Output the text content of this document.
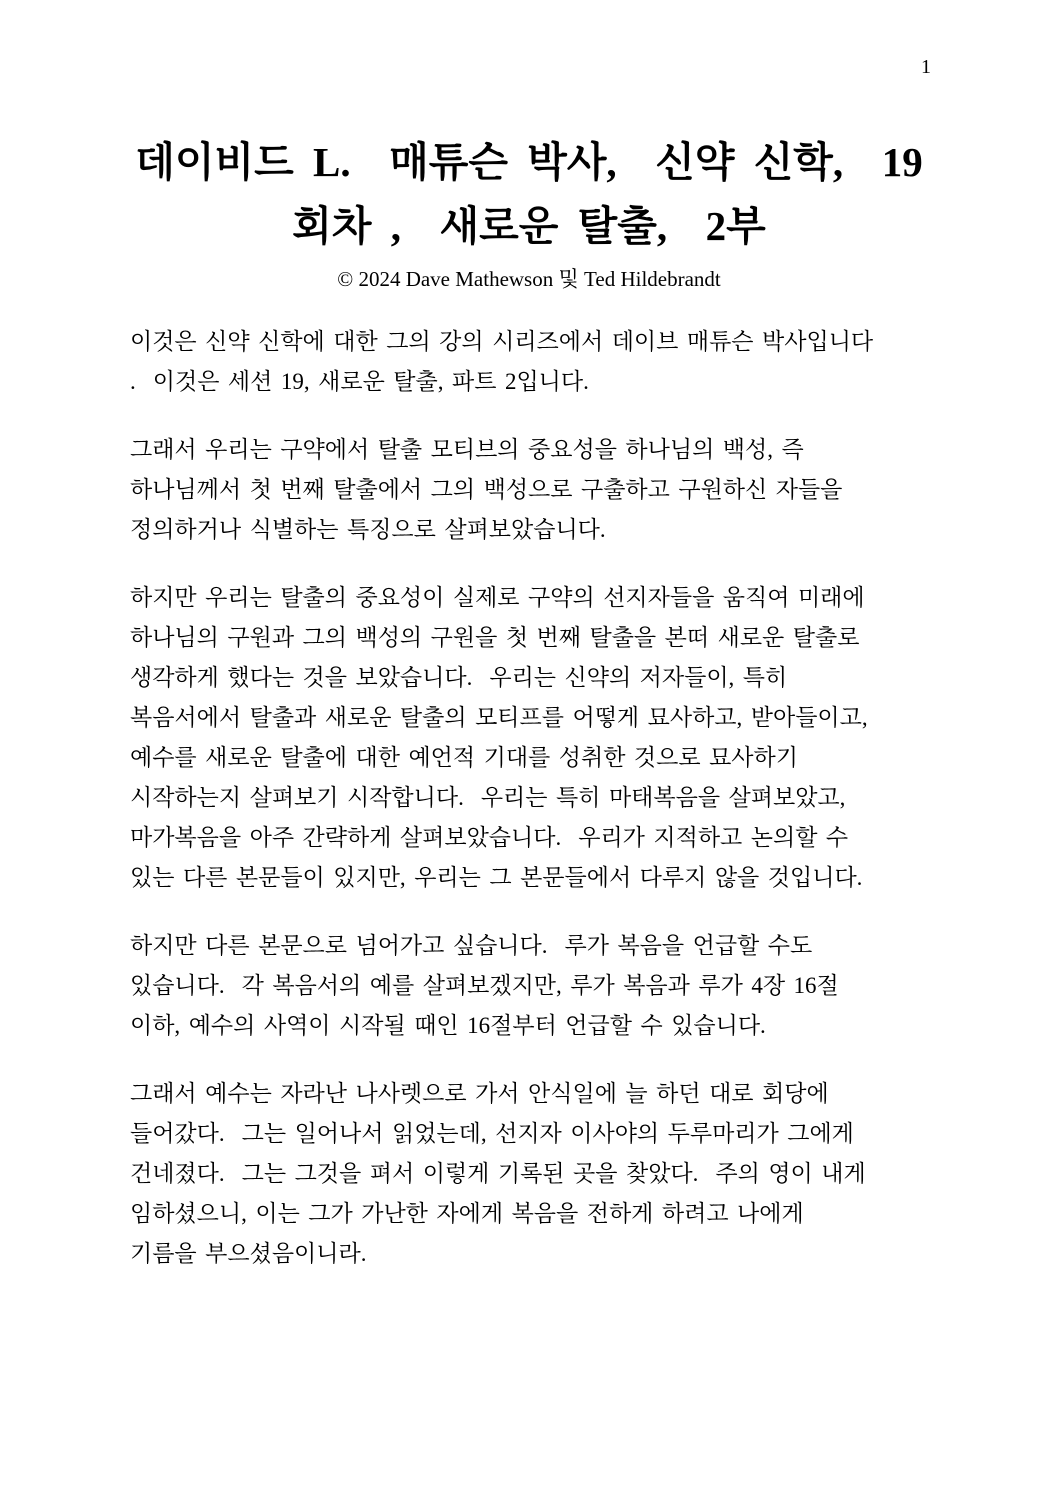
1
데이비드 L.  매튜슨 박사,  신약 신학,  19
회차 ,  새로운 탈출,  2부
© 2024 Dave Mathewson 및 Ted Hildebrandt

이것은 신약 신학에 대한 그의 강의 시리즈에서 데이브 매튜슨 박사입니다
.  이것은 세션 19, 새로운 탈출, 파트 2입니다.

그래서 우리는 구약에서 탈출 모티브의 중요성을 하나님의 백성, 즉
하나님께서 첫 번째 탈출에서 그의 백성으로 구출하고 구원하신 자들을
정의하거나 식별하는 특징으로 살펴보았습니다.

하지만 우리는 탈출의 중요성이 실제로 구약의 선지자들을 움직여 미래에
하나님의 구원과 그의 백성의 구원을 첫 번째 탈출을 본떠 새로운 탈출로
생각하게 했다는 것을 보았습니다.  우리는 신약의 저자들이, 특히
복음서에서 탈출과 새로운 탈출의 모티프를 어떻게 묘사하고, 받아들이고,
예수를 새로운 탈출에 대한 예언적 기대를 성취한 것으로 묘사하기
시작하는지 살펴보기 시작합니다.  우리는 특히 마태복음을 살펴보았고,
마가복음을 아주 간략하게 살펴보았습니다.  우리가 지적하고 논의할 수
있는 다른 본문들이 있지만, 우리는 그 본문들에서 다루지 않을 것입니다.

하지만 다른 본문으로 넘어가고 싶습니다.  루가 복음을 언급할 수도
있습니다.  각 복음서의 예를 살펴보겠지만, 루가 복음과 루가 4장 16절
이하, 예수의 사역이 시작될 때인 16절부터 언급할 수 있습니다.

그래서 예수는 자라난 나사렛으로 가서 안식일에 늘 하던 대로 회당에
들어갔다.  그는 일어나서 읽었는데, 선지자 이사야의 두루마리가 그에게
건네졌다.  그는 그것을 펴서 이렇게 기록된 곳을 찾았다.  주의 영이 내게
임하셨으니, 이는 그가 가난한 자에게 복음을 전하게 하려고 나에게
기름을 부으셨음이니라.
